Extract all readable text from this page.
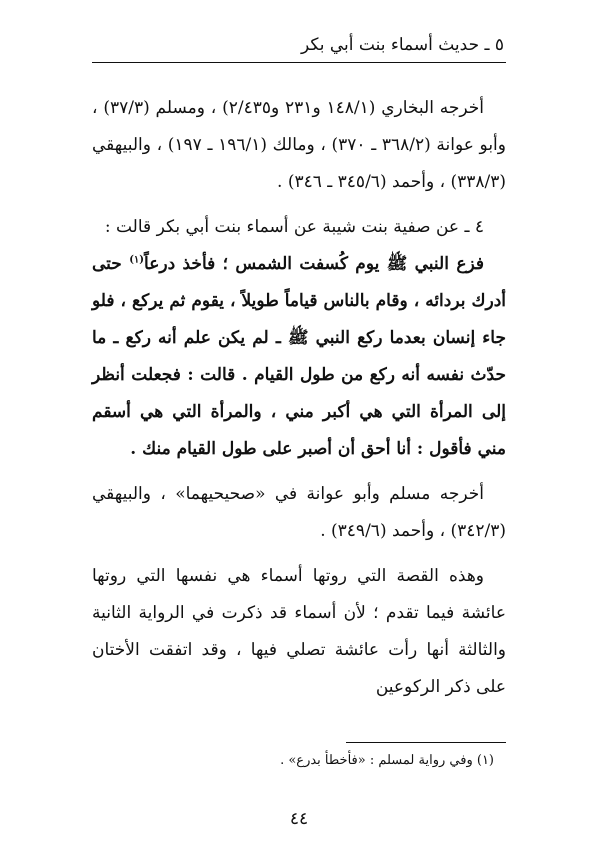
٥ ـ حديث أسماء بنت أبي بكر

أخرجه البخاري (١٤٨/١ و٢٣١ و٢/٤٣٥) ، ومسلم (٣٧/٣) ، وأبو عوانة (٣٦٨/٢ ـ ٣٧٠) ، ومالك (١٩٦/١ ـ ١٩٧) ، والبيهقي (٣٣٨/٣) ، وأحمد (٣٤٥/٦ ـ ٣٤٦) .

٤ ـ عن صفية بنت شيبة عن أسماء بنت أبي بكر قالت :

فزع النبي ﷺ يوم كُسفت الشمس ؛ فأخذ درعاً$^{(١)}$ حتى أدرك بردائه ، وقام بالناس قياماً طويلاً ، يقوم ثم يركع ، فلو جاء إنسان بعدما ركع النبي ﷺ ـ لم يكن علم أنه ركع ـ ما حدّث نفسه أنه ركع من طول القيام . قالت : فجعلت أنظر إلى المرأة التي هي أكبر مني ، والمرأة التي هي أسقم مني فأقول : أنا أحق أن أصبر على طول القيام منك .

أخرجه مسلم وأبو عوانة في «صحيحيهما» ، والبيهقي (٣٤٢/٣) ، وأحمد (٣٤٩/٦) .

وهذه القصة التي روتها أسماء هي نفسها التي روتها عائشة فيما تقدم ؛ لأن أسماء قد ذكرت في الرواية الثانية والثالثة أنها رأت عائشة تصلي فيها ، وقد اتفقت الأختان على ذكر الركوعين

(١) وفي رواية لمسلم : «فأخطأ بدرع» .
٤٤
